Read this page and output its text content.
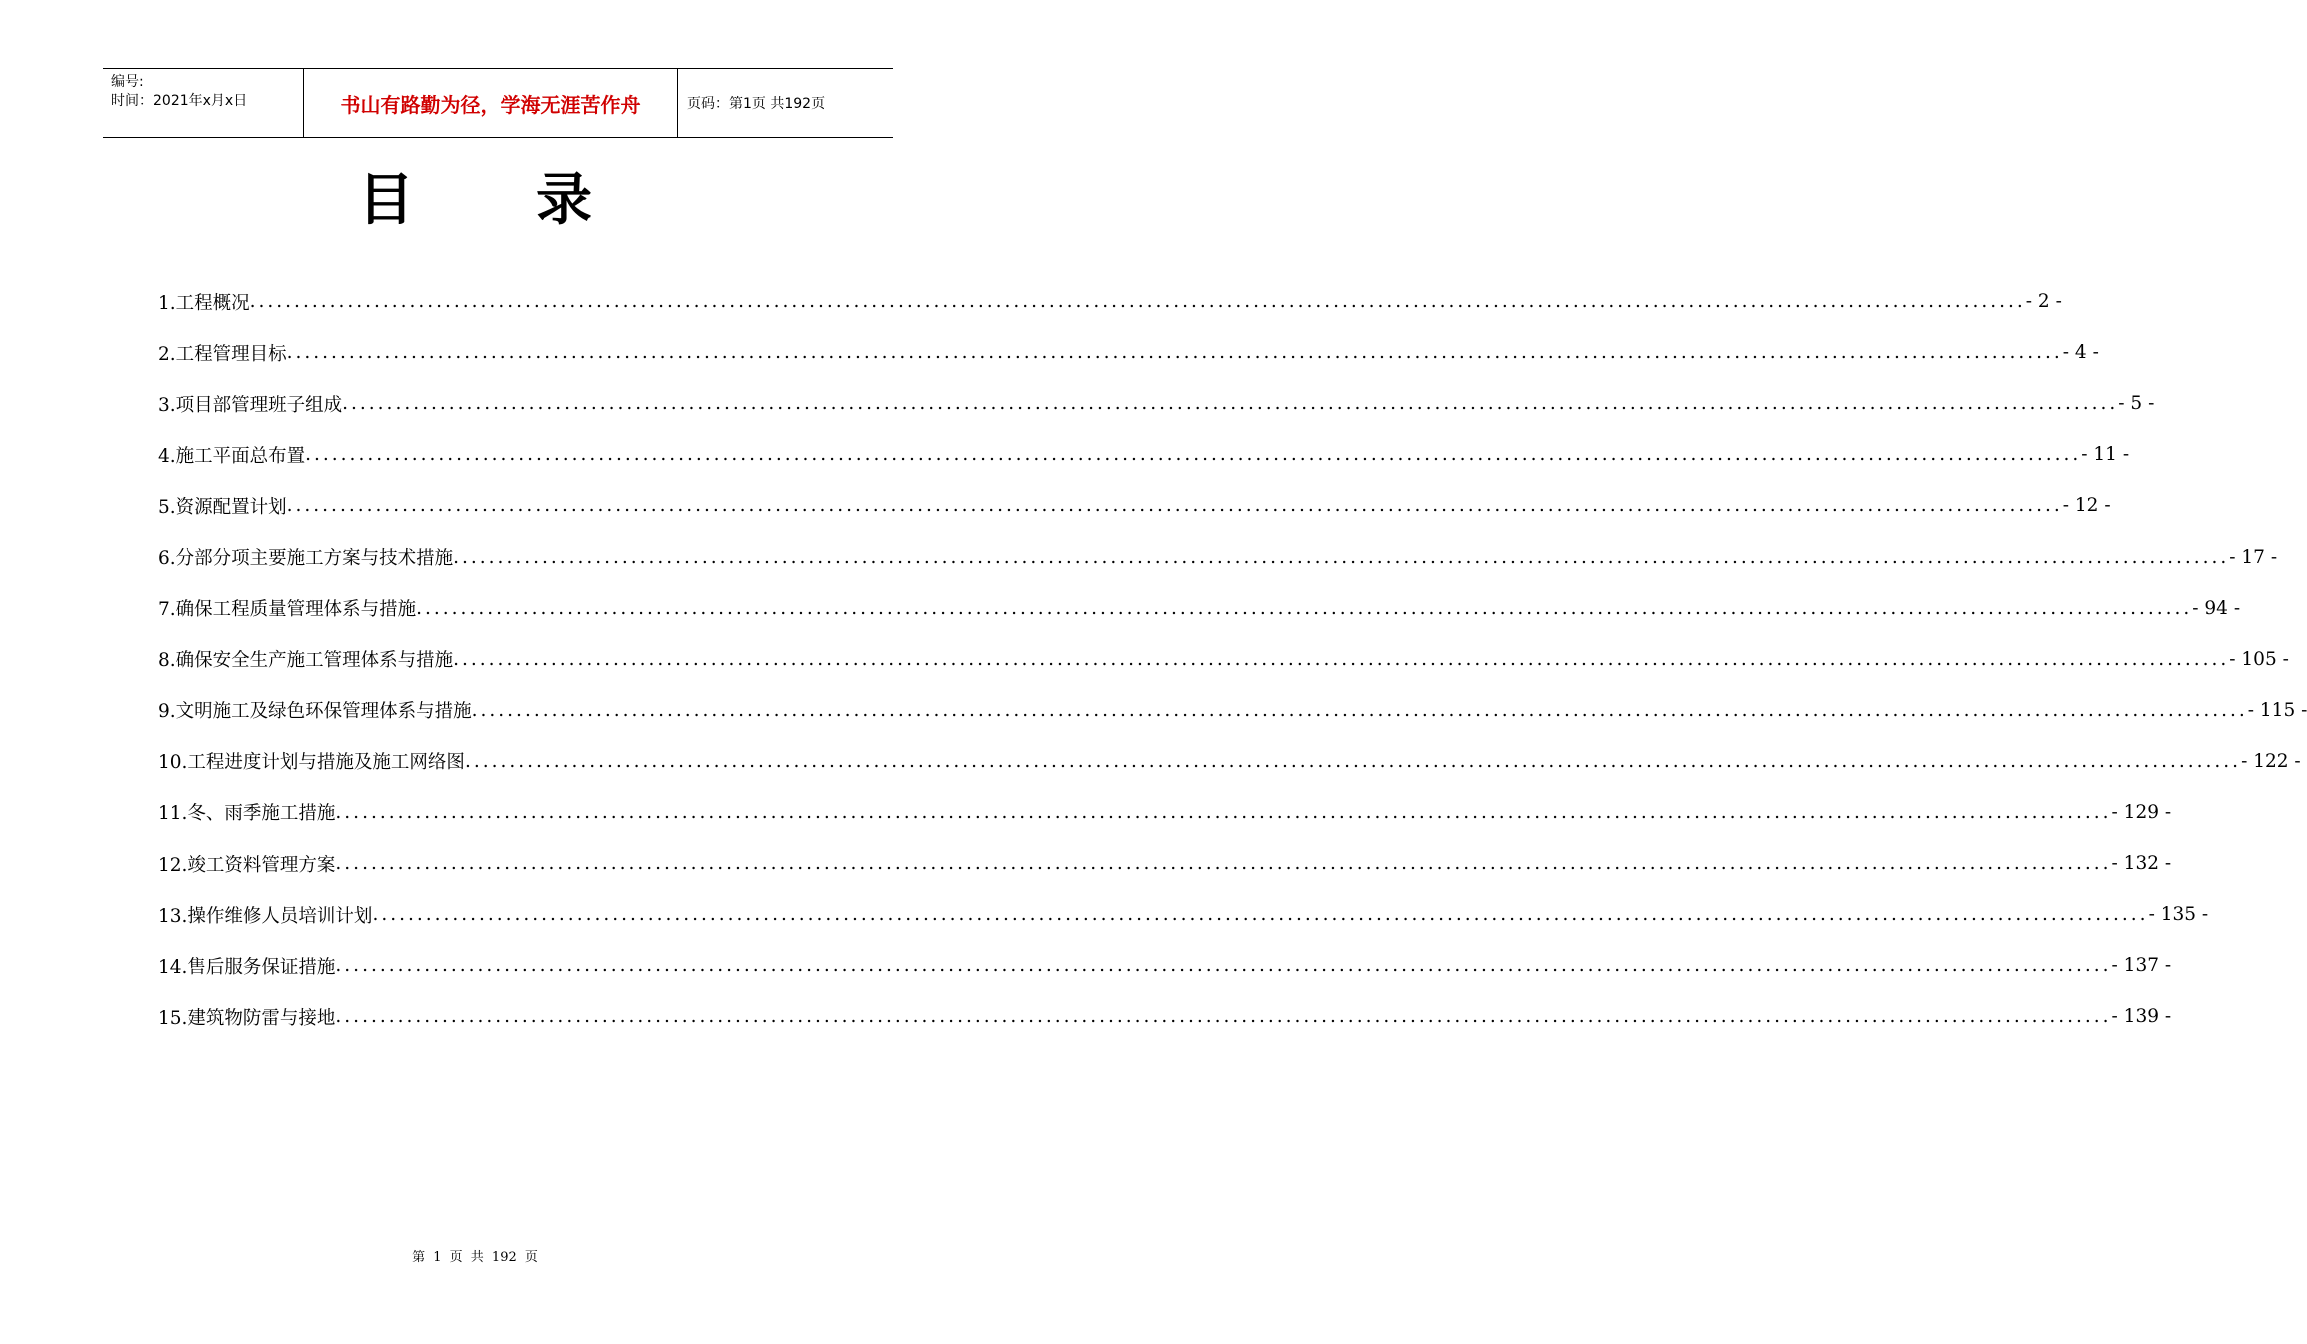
编号:
时间：2021年x月x日	书山有路勤为径，学海无涯苦作舟	页码：第1页 共192页
目录
1.工程概况 ........................................................................................................................................................................................................ - 2 -
2.工程管理目标 ........................................................................................................................................................................................................ - 4 -
3.项目部管理班子组成 ........................................................................................................................................................................................................ - 5 -
4.施工平面总布置 ........................................................................................................................................................................................................ - 11 -
5.资源配置计划 ........................................................................................................................................................................................................ - 12 -
6.分部分项主要施工方案与技术措施 ........................................................................................................................................................................................................ - 17 -
7.确保工程质量管理体系与措施 ........................................................................................................................................................................................................ - 94 -
8.确保安全生产施工管理体系与措施 ........................................................................................................................................................................................................ - 105 -
9.文明施工及绿色环保管理体系与措施 ........................................................................................................................................................................................................ - 115 -
10.工程进度计划与措施及施工网络图 ........................................................................................................................................................................................................ - 122 -
11.冬、雨季施工措施 ........................................................................................................................................................................................................ - 129 -
12.竣工资料管理方案 ........................................................................................................................................................................................................ - 132 -
13.操作维修人员培训计划 ........................................................................................................................................................................................................ - 135 -
14.售后服务保证措施 ........................................................................................................................................................................................................ - 137 -
15.建筑物防雷与接地 ........................................................................................................................................................................................................ - 139 -
第 1 页 共 192 页
